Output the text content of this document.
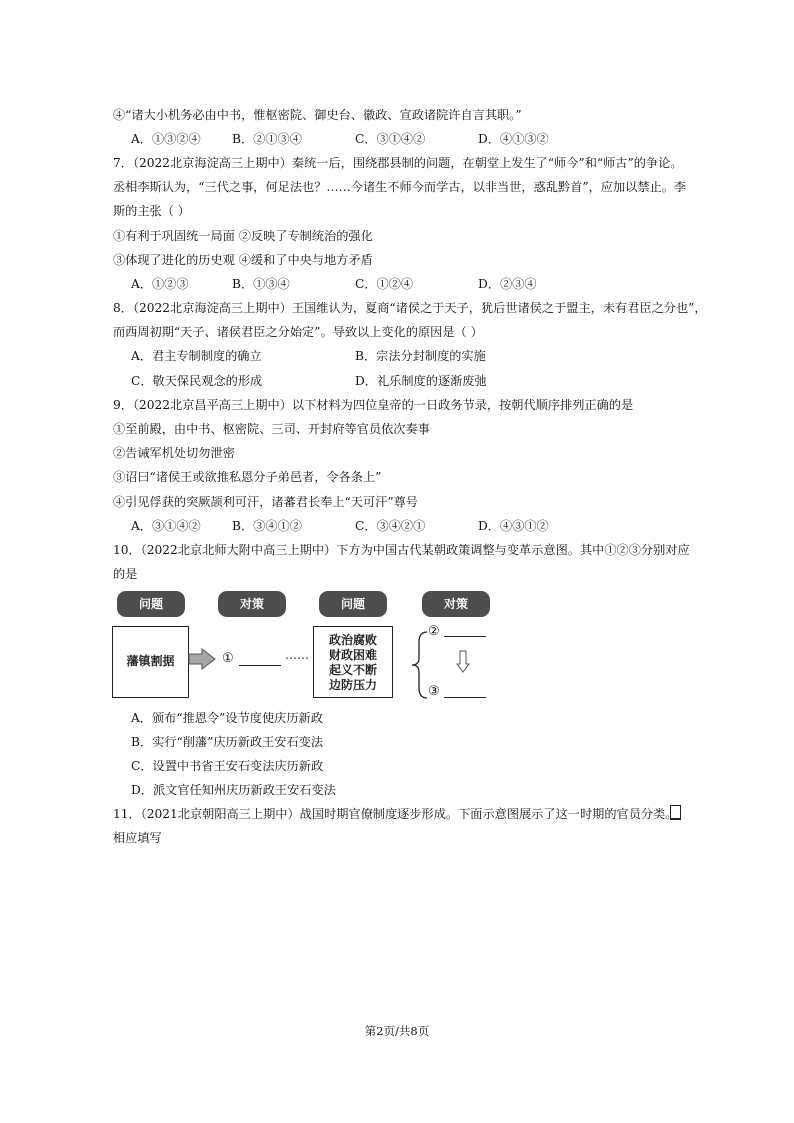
④“诸大小机务必由中书，惟枢密院、御史台、徽政、宣政诸院许自言其职。”
A．①③②④	B．②①③④	C．③①④②	D．④①③②
7．（2022北京海淀高三上期中）秦统一后，围绕郡县制的问题，在朝堂上发生了“师今”和“师古”的争论。
丞相李斯认为，“三代之事，何足法也？……今诸生不师今而学古，以非当世，惑乱黔首”，应加以禁止。李
斯的主张（ ）
①有利于巩固统一局面 ②反映了专制统治的强化
③体现了进化的历史观 ④缓和了中央与地方矛盾
A．①②③	B．①③④	C．①②④	D．②③④
8．（2022北京海淀高三上期中）王国维认为，夏商“诸侯之于天子，犹后世诸侯之于盟主，未有君臣之分也”，
而西周初期“天子、诸侯君臣之分始定”。导致以上变化的原因是（ ）
A．君主专制制度的确立	B．宗法分封制度的实施
C．敬天保民观念的形成	D．礼乐制度的逐渐废弛
9．（2022北京昌平高三上期中）以下材料为四位皇帝的一日政务节录，按朝代顺序排列正确的是
①至前殿，由中书、枢密院、三司、开封府等官员依次奏事
②告诫军机处切勿泄密
③诏曰“诸侯王或欲推私恩分子弟邑者，令各条上”
④引见俘获的突厥颉利可汗，诸蕃君长奉上“天可汗”尊号
A．③①④②	B．③④①②	C．③④②①	D．④③①②
10．（2022北京北师大附中高三上期中）下方为中国古代某朝政策调整与变革示意图。其中①②③分别对应
的是
问题	对策	问题	对策
藩镇割据	①	……
政治腐败
财政困难
起义不断
边防压力
②
③
A．颁布“推恩令”设节度使庆历新政
B．实行“削藩”庆历新政王安石变法
C．设置中书省王安石变法庆历新政
D．派文官任知州庆历新政王安石变法
11．（2021北京朝阳高三上期中）战国时期官僚制度逐步形成。下面示意图展示了这一时期的官员分类。
相应填写
第2页/共8页
